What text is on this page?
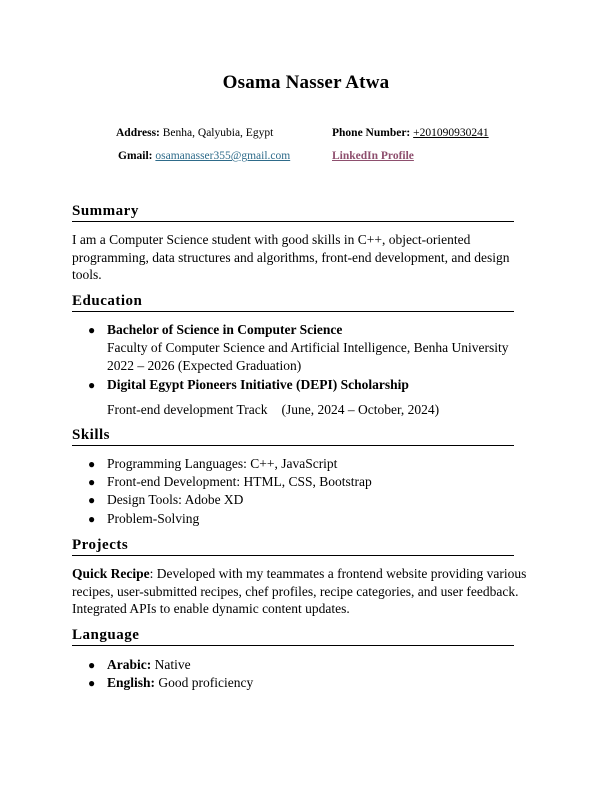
Osama Nasser Atwa
Address: Benha, Qalyubia, Egypt	Phone Number: +201090930241
Gmail: osamanasser355@gmail.com	LinkedIn Profile
Summary
I am a Computer Science student with good skills in C++, object-oriented programming, data structures and algorithms, front-end development, and design tools.
Education
● Bachelor of Science in Computer Science
Faculty of Computer Science and Artificial Intelligence, Benha University
2022 – 2026 (Expected Graduation)
● Digital Egypt Pioneers Initiative (DEPI) Scholarship
Front-end development Track (June, 2024 – October, 2024)
Skills
● Programming Languages: C++, JavaScript
● Front-end Development: HTML, CSS, Bootstrap
● Design Tools: Adobe XD
● Problem-Solving
Projects
Quick Recipe: Developed with my teammates a frontend website providing various recipes, user-submitted recipes, chef profiles, recipe categories, and user feedback. Integrated APIs to enable dynamic content updates.
Language
● Arabic: Native
● English: Good proficiency
